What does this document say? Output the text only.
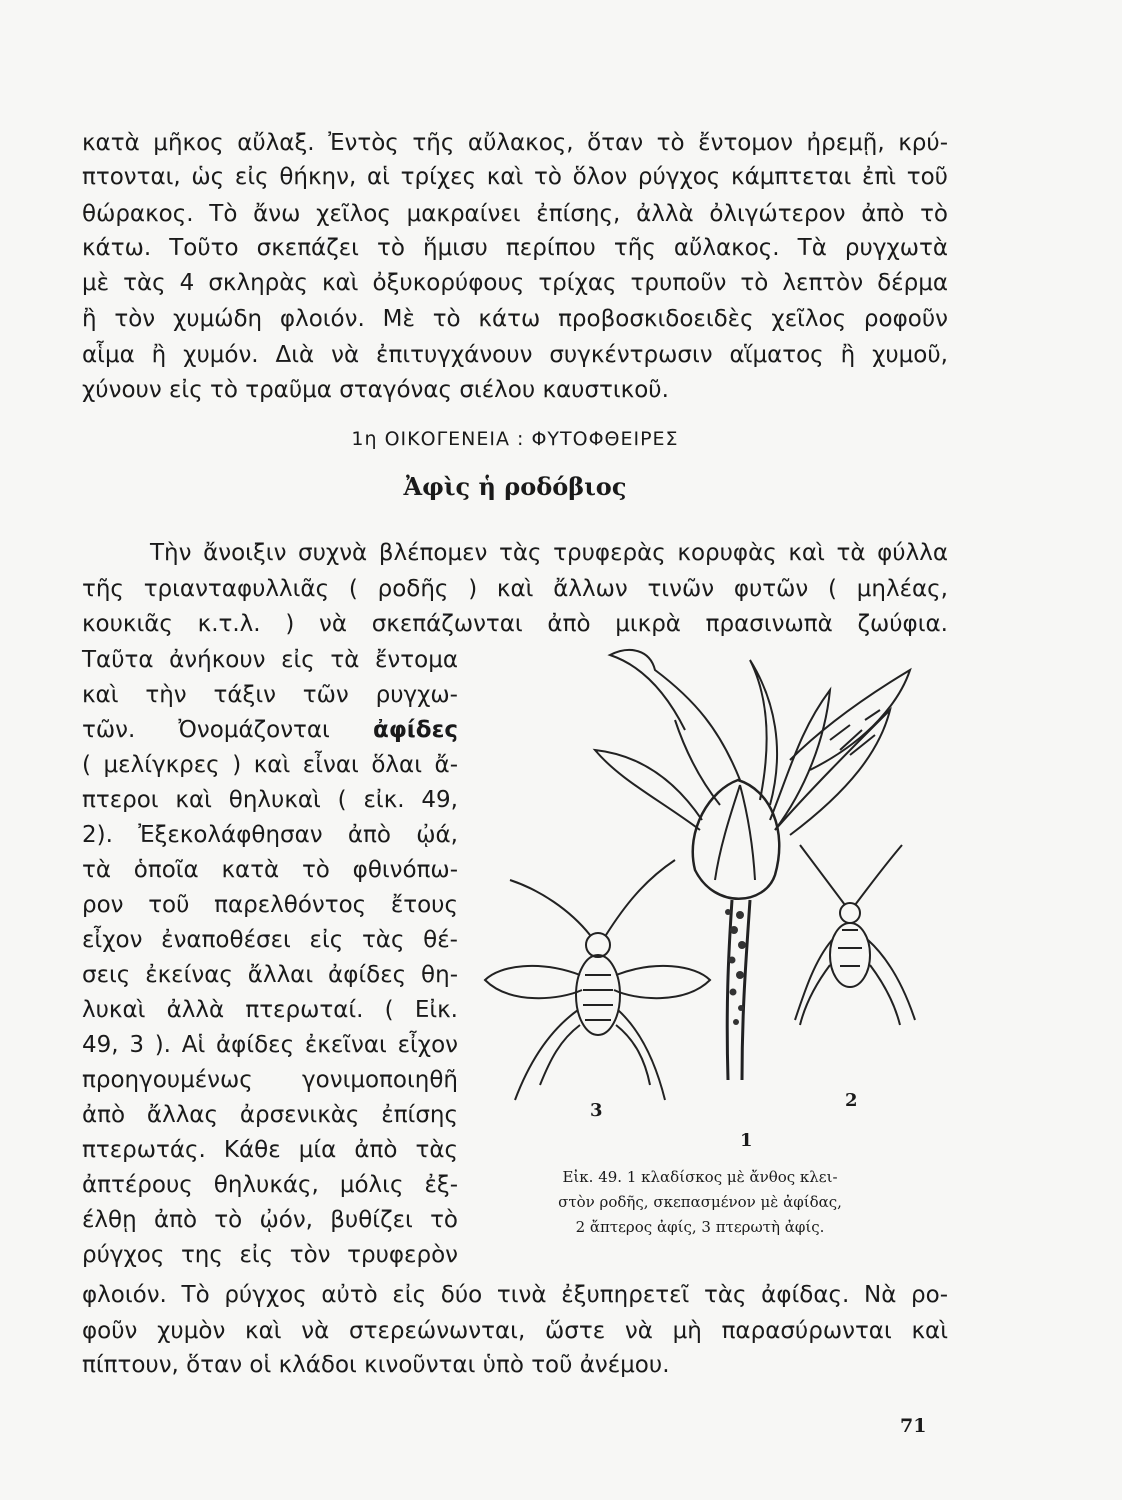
κατὰ μῆκος αὔλαξ. Ἐντὸς τῆς αὔλακος, ὅταν τὸ ἔντομον ἠρεμῇ, κρύ-
πτονται, ὡς εἰς θήκην, αἱ τρίχες καὶ τὸ ὅλον ρύγχος κάμπτεται ἐπὶ τοῦ
θώρακος. Τὸ ἄνω χεῖλος μακραίνει ἐπίσης, ἀλλὰ ὀλιγώτερον ἀπὸ τὸ
κάτω. Τοῦτο σκεπάζει τὸ ἥμισυ περίπου τῆς αὔλακος. Τὰ ρυγχωτὰ
μὲ τὰς 4 σκληρὰς καὶ ὀξυκορύφους τρίχας τρυποῦν τὸ λεπτὸν δέρμα
ἢ τὸν χυμώδη φλοιόν. Μὲ τὸ κάτω προβοσκιδοειδὲς χεῖλος ροφοῦν
αἷμα ἢ χυμόν. Διὰ νὰ ἐπιτυγχάνουν συγκέντρωσιν αἵματος ἢ χυμοῦ,
χύνουν εἰς τὸ τραῦμα σταγόνας σιέλου καυστικοῦ.
1η ΟΙΚΟΓΕΝΕΙΑ : ΦΥΤΟΦΘΕΙΡΕΣ
Ἀφὶς ἡ ροδόβιος
Τὴν ἄνοιξιν συχνὰ βλέπομεν τὰς τρυφερὰς κορυφὰς καὶ τὰ φύλλα
τῆς τριανταφυλλιᾶς ( ροδῆς ) καὶ ἄλλων τινῶν φυτῶν ( μηλέας,
κουκιᾶς κ.τ.λ. ) νὰ σκεπάζωνται ἀπὸ μικρὰ πρασινωπὰ ζωύφια.
Ταῦτα ἀνήκουν εἰς τὰ ἔντομα
καὶ τὴν τάξιν τῶν ρυγχω-
τῶν. Ὀνομάζονται ἀφίδες
( μελίγκρες ) καὶ εἶναι ὅλαι ἄ-
πτεροι καὶ θηλυκαὶ ( εἰκ. 49,
2). Ἐξεκολάφθησαν ἀπὸ ᾠά,
τὰ ὁποῖα κατὰ τὸ φθινόπω-
ρον τοῦ παρελθόντος ἔτους
εἶχον ἐναποθέσει εἰς τὰς θέ-
σεις ἐκείνας ἄλλαι ἀφίδες θη-
λυκαὶ ἀλλὰ πτερωταί. ( Εἰκ.
49, 3 ). Αἱ ἀφίδες ἐκεῖναι εἶχον
προηγουμένως γονιμοποιηθῆ
ἀπὸ ἄλλας ἀρσενικὰς ἐπίσης
πτερωτάς. Κάθε μία ἀπὸ τὰς
ἀπτέρους θηλυκάς, μόλις ἐξ-
έλθῃ ἀπὸ τὸ ᾠόν, βυθίζει τὸ
ρύγχος της εἰς τὸν τρυφερὸν
φλοιόν. Τὸ ρύγχος αὐτὸ εἰς δύο τινὰ ἐξυπηρετεῖ τὰς ἀφίδας. Νὰ ρο-
φοῦν χυμὸν καὶ νὰ στερεώνωνται, ὥστε νὰ μὴ παρασύρωνται καὶ
πίπτουν, ὅταν οἱ κλάδοι κινοῦνται ὑπὸ τοῦ ἀνέμου.
3	2
1
Εἰκ. 49. 1 κλαδίσκος μὲ ἄνθος κλει-
στὸν ροδῆς, σκεπασμένον μὲ ἀφίδας,
2 ἄπτερος ἀφίς, 3 πτερωτὴ ἀφίς.
71
